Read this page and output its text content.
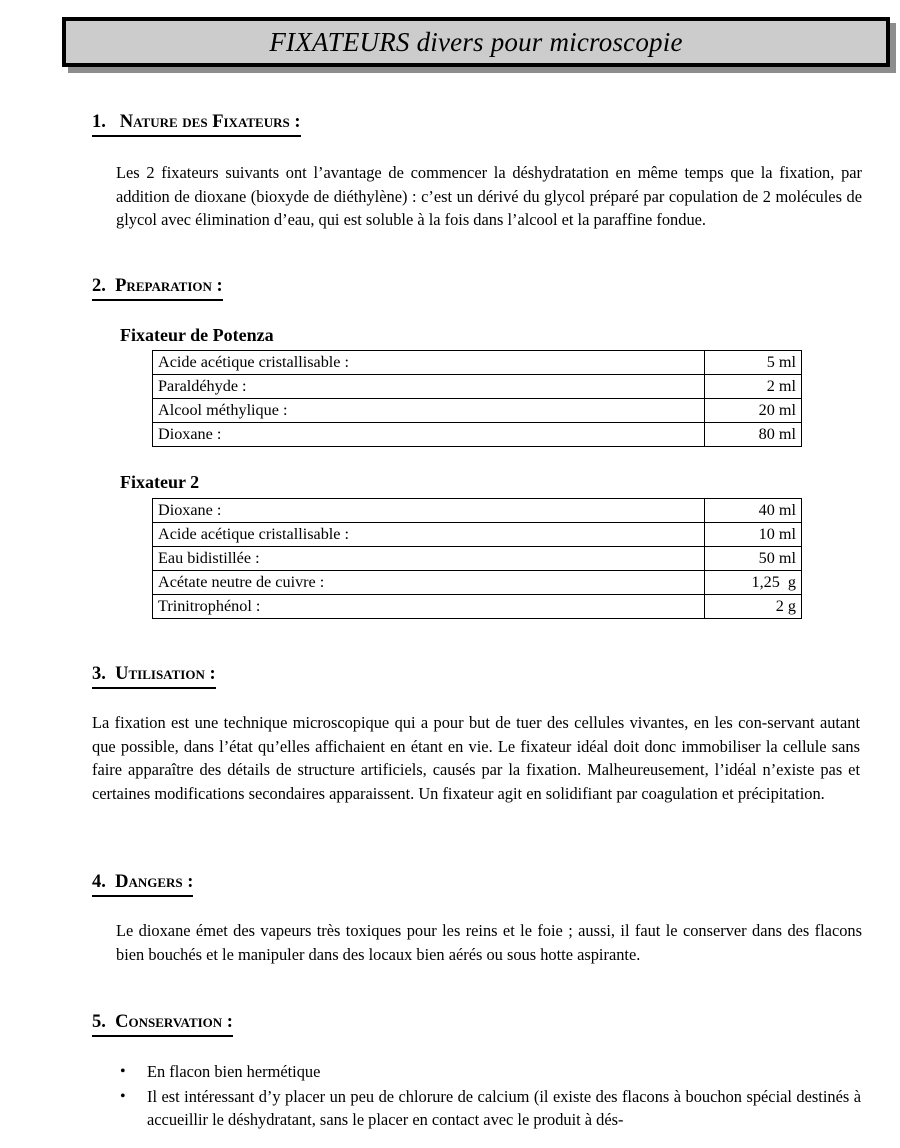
FIXATEURS divers pour microscopie
1. Nature des Fixateurs :
Les 2 fixateurs suivants ont l’avantage de commencer la déshydratation en même temps que la fixation, par addition de dioxane (bioxyde de diéthylène) : c’est un dérivé du glycol préparé par copulation de 2 molécules de glycol avec élimination d’eau, qui est soluble à la fois dans l’alcool et la paraffine fondue.
2. Preparation :
Fixateur de Potenza
Acide acétique cristallisable :	5 ml
Paraldéhyde :	2 ml
Alcool méthylique :	20 ml
Dioxane :	80 ml
Fixateur 2
Dioxane :	40 ml
Acide acétique cristallisable :	10 ml
Eau bidistillée :	50 ml
Acétate neutre de cuivre :	1,25  g
Trinitrophénol :	2 g
3. Utilisation :
La fixation est une technique microscopique qui a pour but de tuer des cellules vivantes, en les con-servant autant que possible, dans l’état qu’elles affichaient en étant en vie. Le fixateur idéal doit donc immobiliser la cellule sans faire apparaître des détails de structure artificiels, causés par la fixation. Malheureusement, l’idéal n’existe pas et certaines modifications secondaires apparaissent. Un fixateur agit en solidifiant par coagulation et précipitation.
4. Dangers :
Le dioxane émet des vapeurs très toxiques pour les reins et le foie ; aussi, il faut le conserver dans des flacons bien bouchés et le manipuler dans des locaux bien aérés ou sous hotte aspirante.
5. Conservation :
• En flacon bien hermétique
• Il est intéressant d’y placer un peu de chlorure de calcium (il existe des flacons à bouchon spécial destinés à accueillir le déshydratant, sans le placer en contact avec le produit à dés-
